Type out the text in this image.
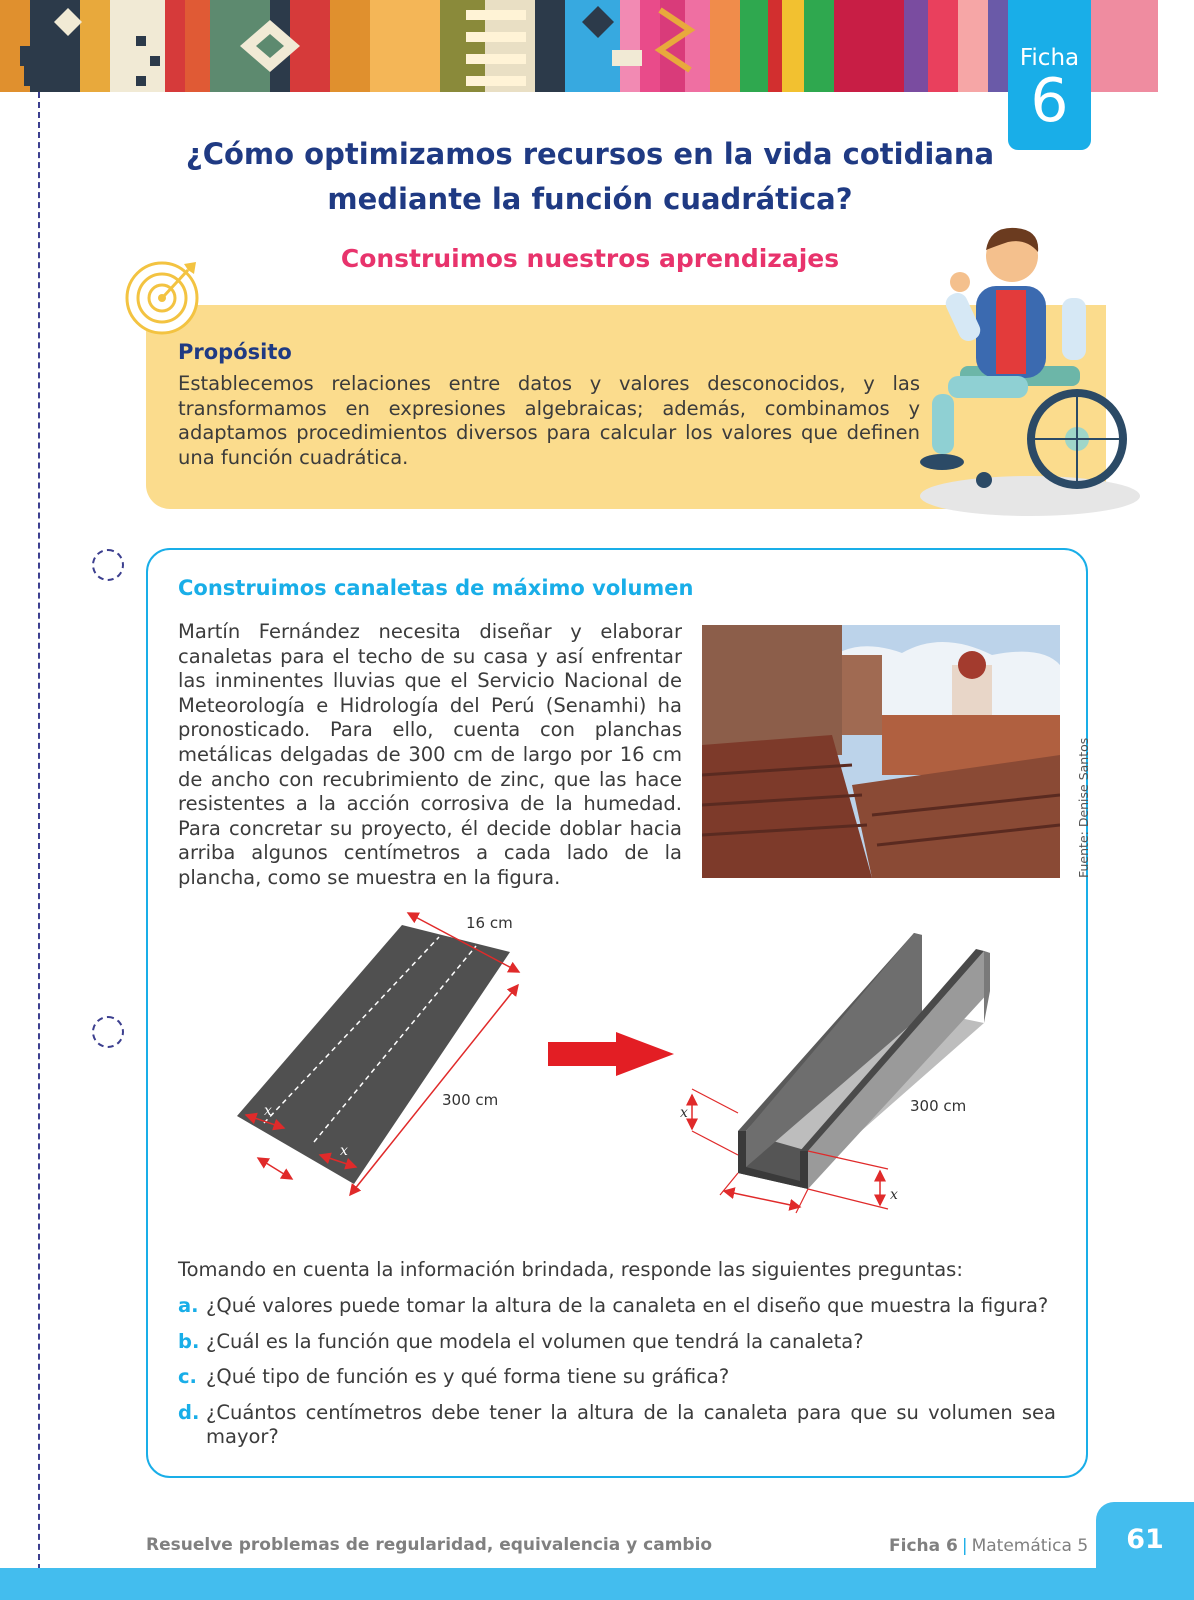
Ficha
6
¿Cómo optimizamos recursos en la vida cotidiana mediante la función cuadrática?
Construimos nuestros aprendizajes
Propósito
Establecemos relaciones entre datos y valores desconocidos, y las transformamos en expresiones algebraicas; además, combinamos y adaptamos procedimientos diversos para calcular los valores que definen una función cuadrática.
Construimos canaletas de máximo volumen
Martín Fernández necesita diseñar y elaborar canaletas para el techo de su casa y así enfrentar las inminentes lluvias que el Servicio Nacional de Meteorología e Hidrología del Perú (Senamhi) ha pronosticado. Para ello, cuenta con planchas metálicas delgadas de 300 cm de largo por 16 cm de ancho con recubrimiento de zinc, que las hace resistentes a la acción corrosiva de la humedad. Para concretar su proyecto, él decide doblar hacia arriba algunos centímetros a cada lado de la plancha, como se muestra en la figura.	Fuente: Denise Santos
16 cm
300 cm
x
x
x
x
300 cm
Tomando en cuenta la información brindada, responde las siguientes preguntas:
a. ¿Qué valores puede tomar la altura de la canaleta en el diseño que muestra la figura?
b. ¿Cuál es la función que modela el volumen que tendrá la canaleta?
c. ¿Qué tipo de función es y qué forma tiene su gráfica?
d. ¿Cuántos centímetros debe tener la altura de la canaleta para que su volumen sea mayor?
Resuelve problemas de regularidad, equivalencia y cambio	Ficha 6 | Matemática 5	61
